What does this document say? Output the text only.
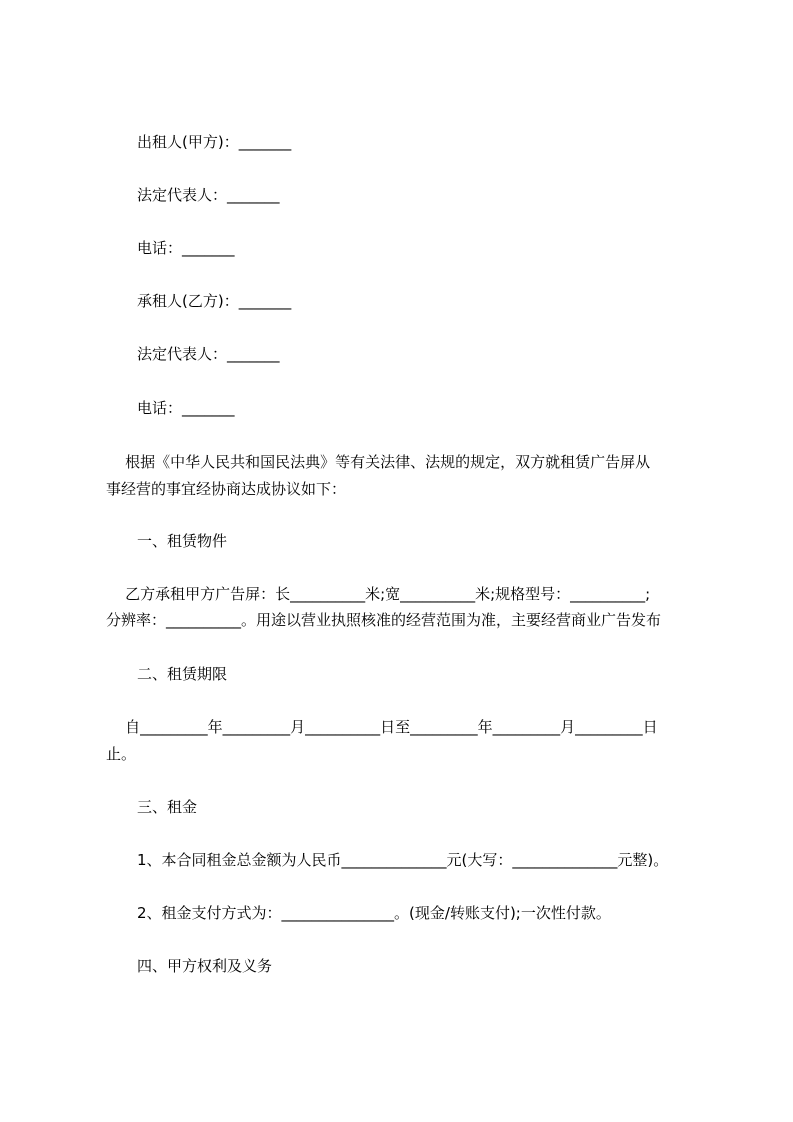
出租人(甲方)：_______
法定代表人：_______
电话：_______
承租人(乙方)：_______
法定代表人：_______
电话：_______
根据《中华人民共和国民法典》等有关法律、法规的规定，双方就租赁广告屏从
事经营的事宜经协商达成协议如下：
一、租赁物件
乙方承租甲方广告屏：长__________米;宽__________米;规格型号：__________;
分辨率：__________。用途以营业执照核准的经营范围为准，主要经营商业广告发布
二、租赁期限
自_________年_________月__________日至_________年_________月_________日
止。
三、租金
1、本合同租金总金额为人民币______________元(大写：______________元整)。
2、租金支付方式为：_______________。(现金/转账支付);一次性付款。
四、甲方权利及义务
